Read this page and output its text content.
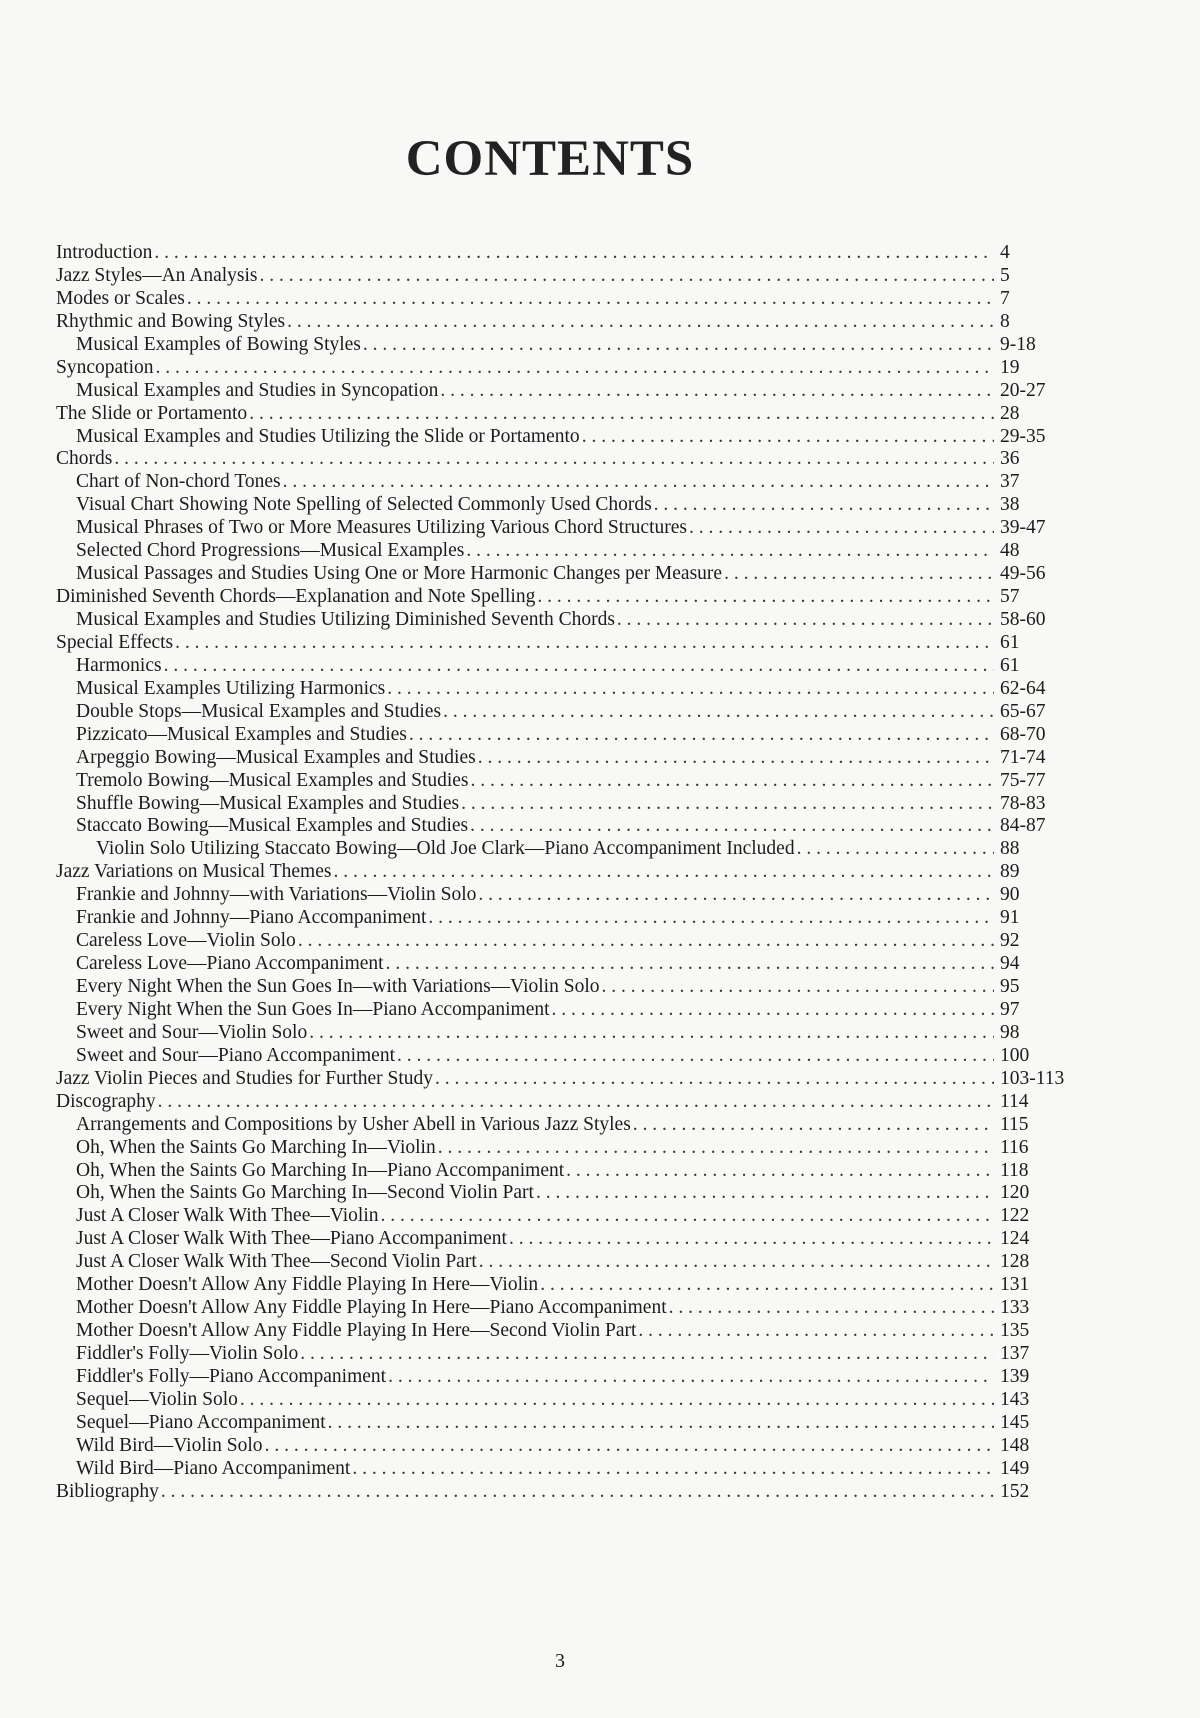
CONTENTS
Introduction . . .	4
Jazz Styles—An Analysis . . .	5
Modes or Scales . . .	7
Rhythmic and Bowing Styles . . .	8
Musical Examples of Bowing Styles . . .	9-18
Syncopation . . .	19
Musical Examples and Studies in Syncopation . . .	20-27
The Slide or Portamento . . .	28
Musical Examples and Studies Utilizing the Slide or Portamento . . .	29-35
Chords . . .	36
Chart of Non-chord Tones . . .	37
Visual Chart Showing Note Spelling of Selected Commonly Used Chords . . .	38
Musical Phrases of Two or More Measures Utilizing Various Chord Structures . . .	39-47
Selected Chord Progressions—Musical Examples . . .	48
Musical Passages and Studies Using One or More Harmonic Changes per Measure . . .	49-56
Diminished Seventh Chords—Explanation and Note Spelling . . .	57
Musical Examples and Studies Utilizing Diminished Seventh Chords . . .	58-60
Special Effects . . .	61
Harmonics . . .	61
Musical Examples Utilizing Harmonics . . .	62-64
Double Stops—Musical Examples and Studies . . .	65-67
Pizzicato—Musical Examples and Studies . . .	68-70
Arpeggio Bowing—Musical Examples and Studies . . .	71-74
Tremolo Bowing—Musical Examples and Studies . . .	75-77
Shuffle Bowing—Musical Examples and Studies . . .	78-83
Staccato Bowing—Musical Examples and Studies . . .	84-87
Violin Solo Utilizing Staccato Bowing—Old Joe Clark—Piano Accompaniment Included . . .	88
Jazz Variations on Musical Themes . . .	89
Frankie and Johnny—with Variations—Violin Solo . . .	90
Frankie and Johnny—Piano Accompaniment . . .	91
Careless Love—Violin Solo . . .	92
Careless Love—Piano Accompaniment . . .	94
Every Night When the Sun Goes In—with Variations—Violin Solo . . .	95
Every Night When the Sun Goes In—Piano Accompaniment . . .	97
Sweet and Sour—Violin Solo . . .	98
Sweet and Sour—Piano Accompaniment . . .	100
Jazz Violin Pieces and Studies for Further Study . . .	103-113
Discography . . .	114
Arrangements and Compositions by Usher Abell in Various Jazz Styles . . .	115
Oh, When the Saints Go Marching In—Violin . . .	116
Oh, When the Saints Go Marching In—Piano Accompaniment . . .	118
Oh, When the Saints Go Marching In—Second Violin Part . . .	120
Just A Closer Walk With Thee—Violin . . .	122
Just A Closer Walk With Thee—Piano Accompaniment . . .	124
Just A Closer Walk With Thee—Second Violin Part . . .	128
Mother Doesn't Allow Any Fiddle Playing In Here—Violin . . .	131
Mother Doesn't Allow Any Fiddle Playing In Here—Piano Accompaniment . . .	133
Mother Doesn't Allow Any Fiddle Playing In Here—Second Violin Part . . .	135
Fiddler's Folly—Violin Solo . . .	137
Fiddler's Folly—Piano Accompaniment . . .	139
Sequel—Violin Solo . . .	143
Sequel—Piano Accompaniment . . .	145
Wild Bird—Violin Solo . . .	148
Wild Bird—Piano Accompaniment . . .	149
Bibliography . . .	152
3
